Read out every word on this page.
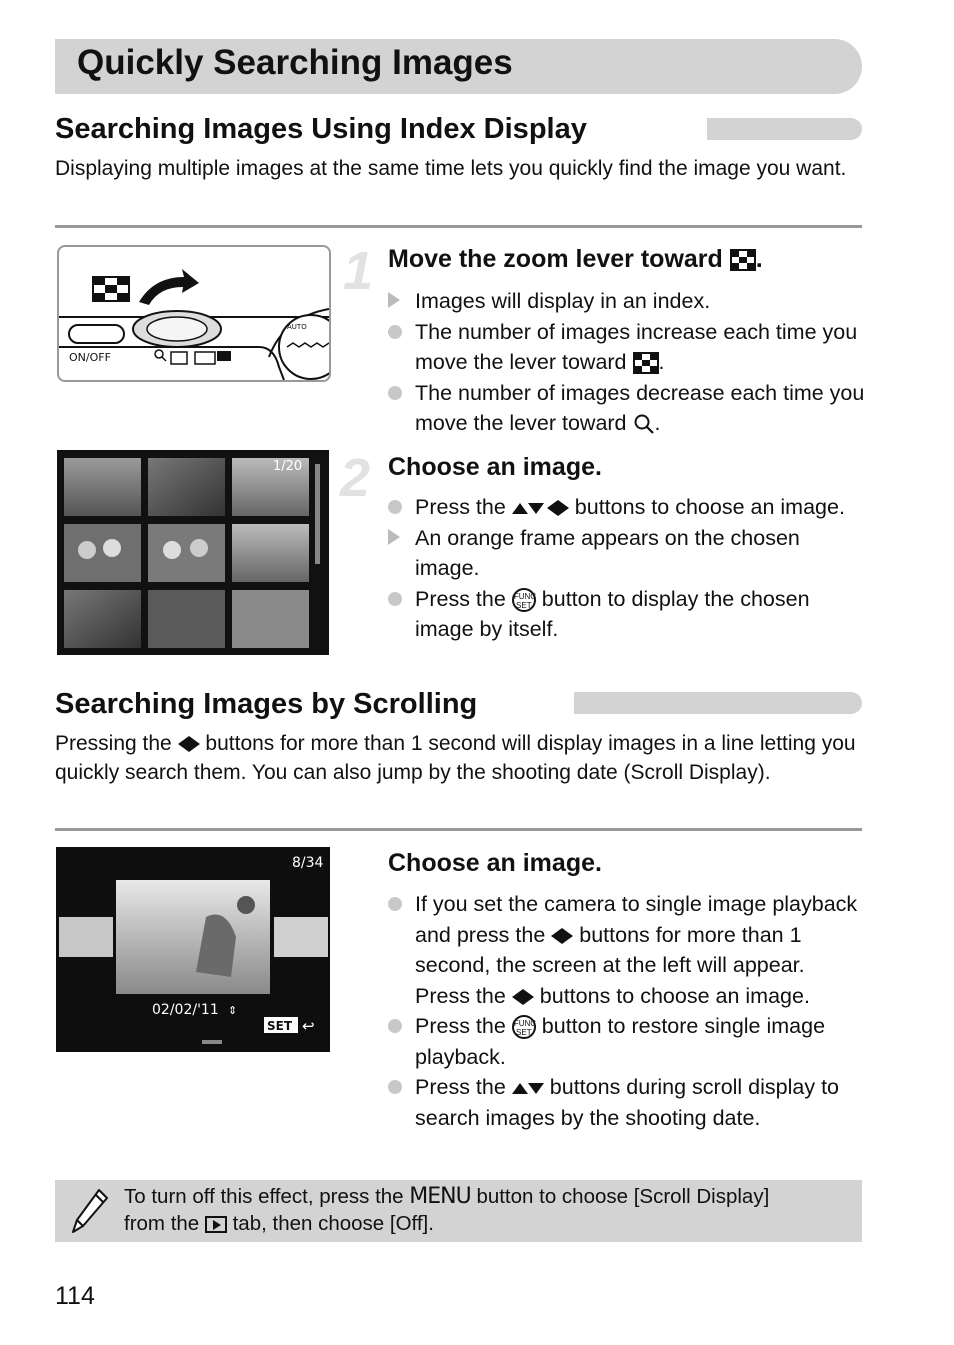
Quickly Searching Images
Searching Images Using Index Display
Displaying multiple images at the same time lets you quickly find the image you want.
AUTO
ON/OFF
1 Move the zoom lever toward .

Images will display in an index.

The number of images increase each time you move the lever toward .

The number of images decrease each time you move the lever toward .

1/20 2 Choose an image.

Press the	buttons to choose an image.

An orange frame appears on the chosen image.

Press the FUNC SET button to display the chosen image by itself.

Searching Images by Scrolling
Pressing the buttons for more than 1 second will display images in a line letting you quickly search them. You can also jump by the shooting date (Scroll Display).
8/34
02/02/'11 ⇕
SET ↩
Choose an image.

If you set the camera to single image playback and press the buttons for more than 1 second, the screen at the left will appear. Press the buttons to choose an image.

Press the FUNC SET button to restore single image playback.

Press the buttons during scroll display to search images by the shooting date.

To turn off this effect, press the MENU button to choose [Scroll Display]
from the tab, then choose [Off].
114
